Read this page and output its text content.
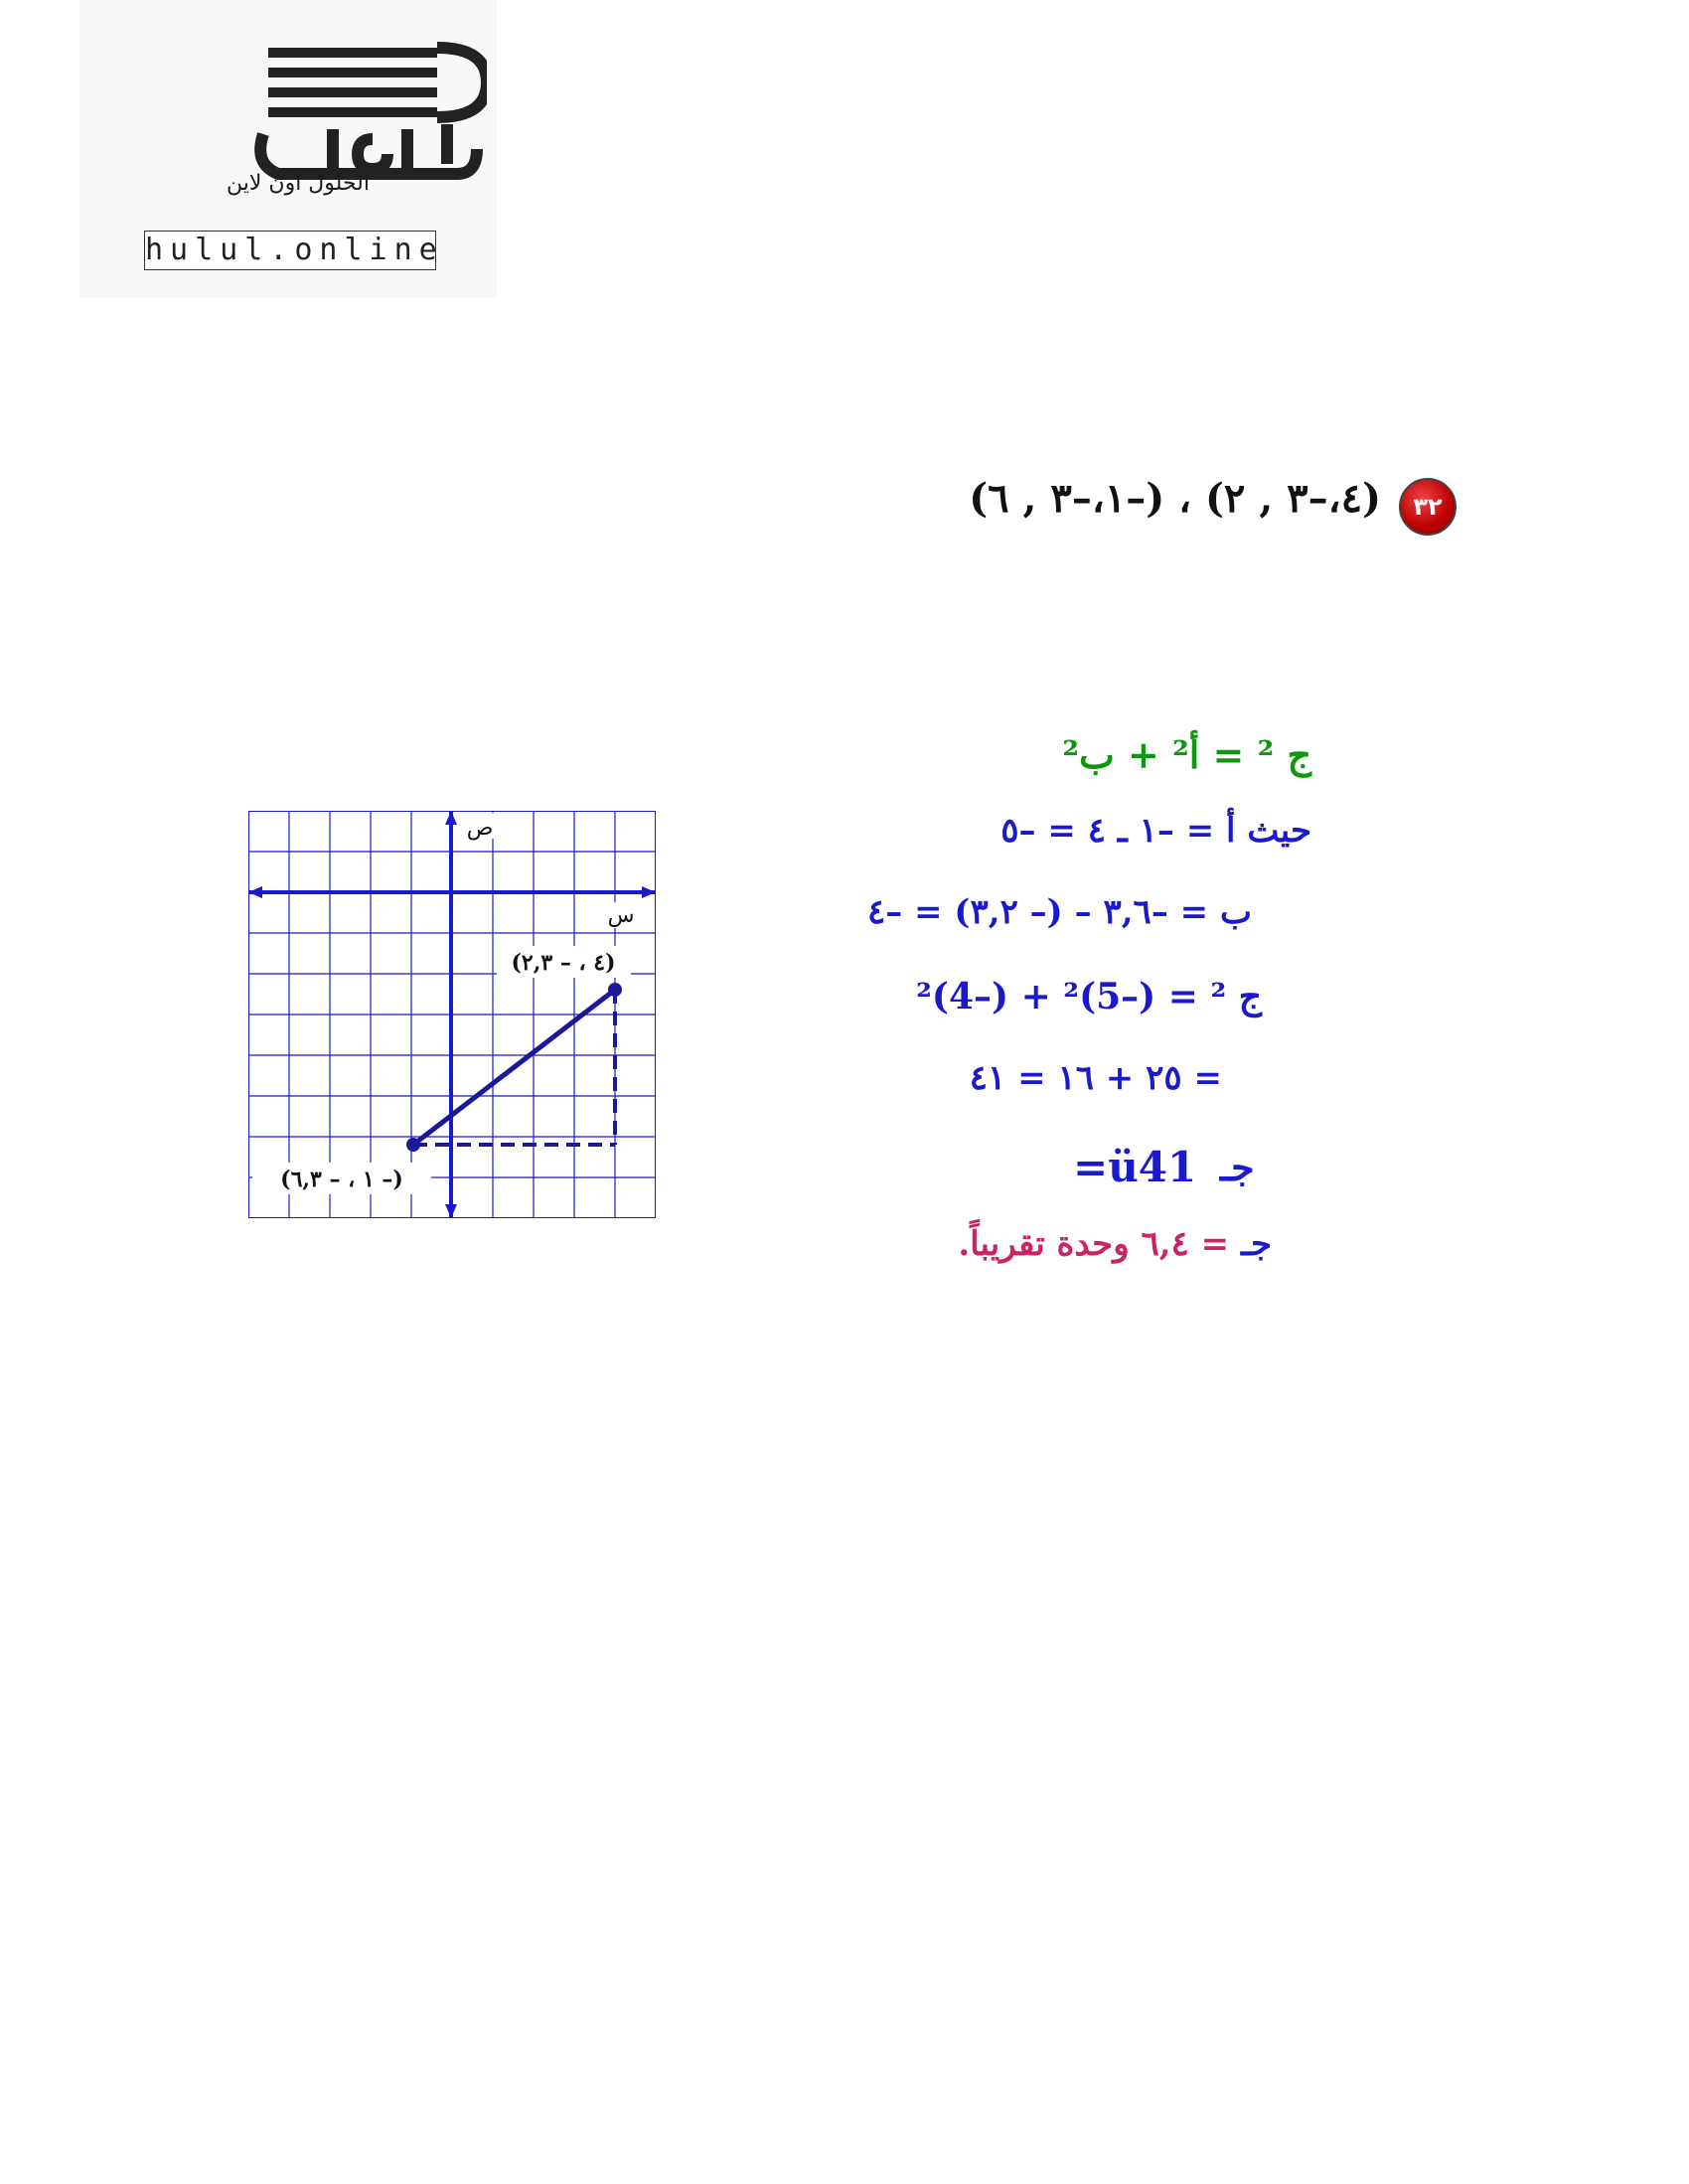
الحلول اون لاين
hulul.online
٣٢
(٤،–٣ , ٢) ، (–١،–٣ , ٦)
ج ² = أ² + ب²
حيث أ = –١ ـ ٤ = –٥
ب = –٣,٦ – (– ٣,٢) = –٤
ج ² = (–5)² + (–4)²
= ٢٥ + ١٦ = ٤١
جـ
=ü41
جـ = ٦,٤ وحدة تقريباً.
ص
س
(٤ ، – ٢,٣)
(– ١ ، – ٦,٣)
